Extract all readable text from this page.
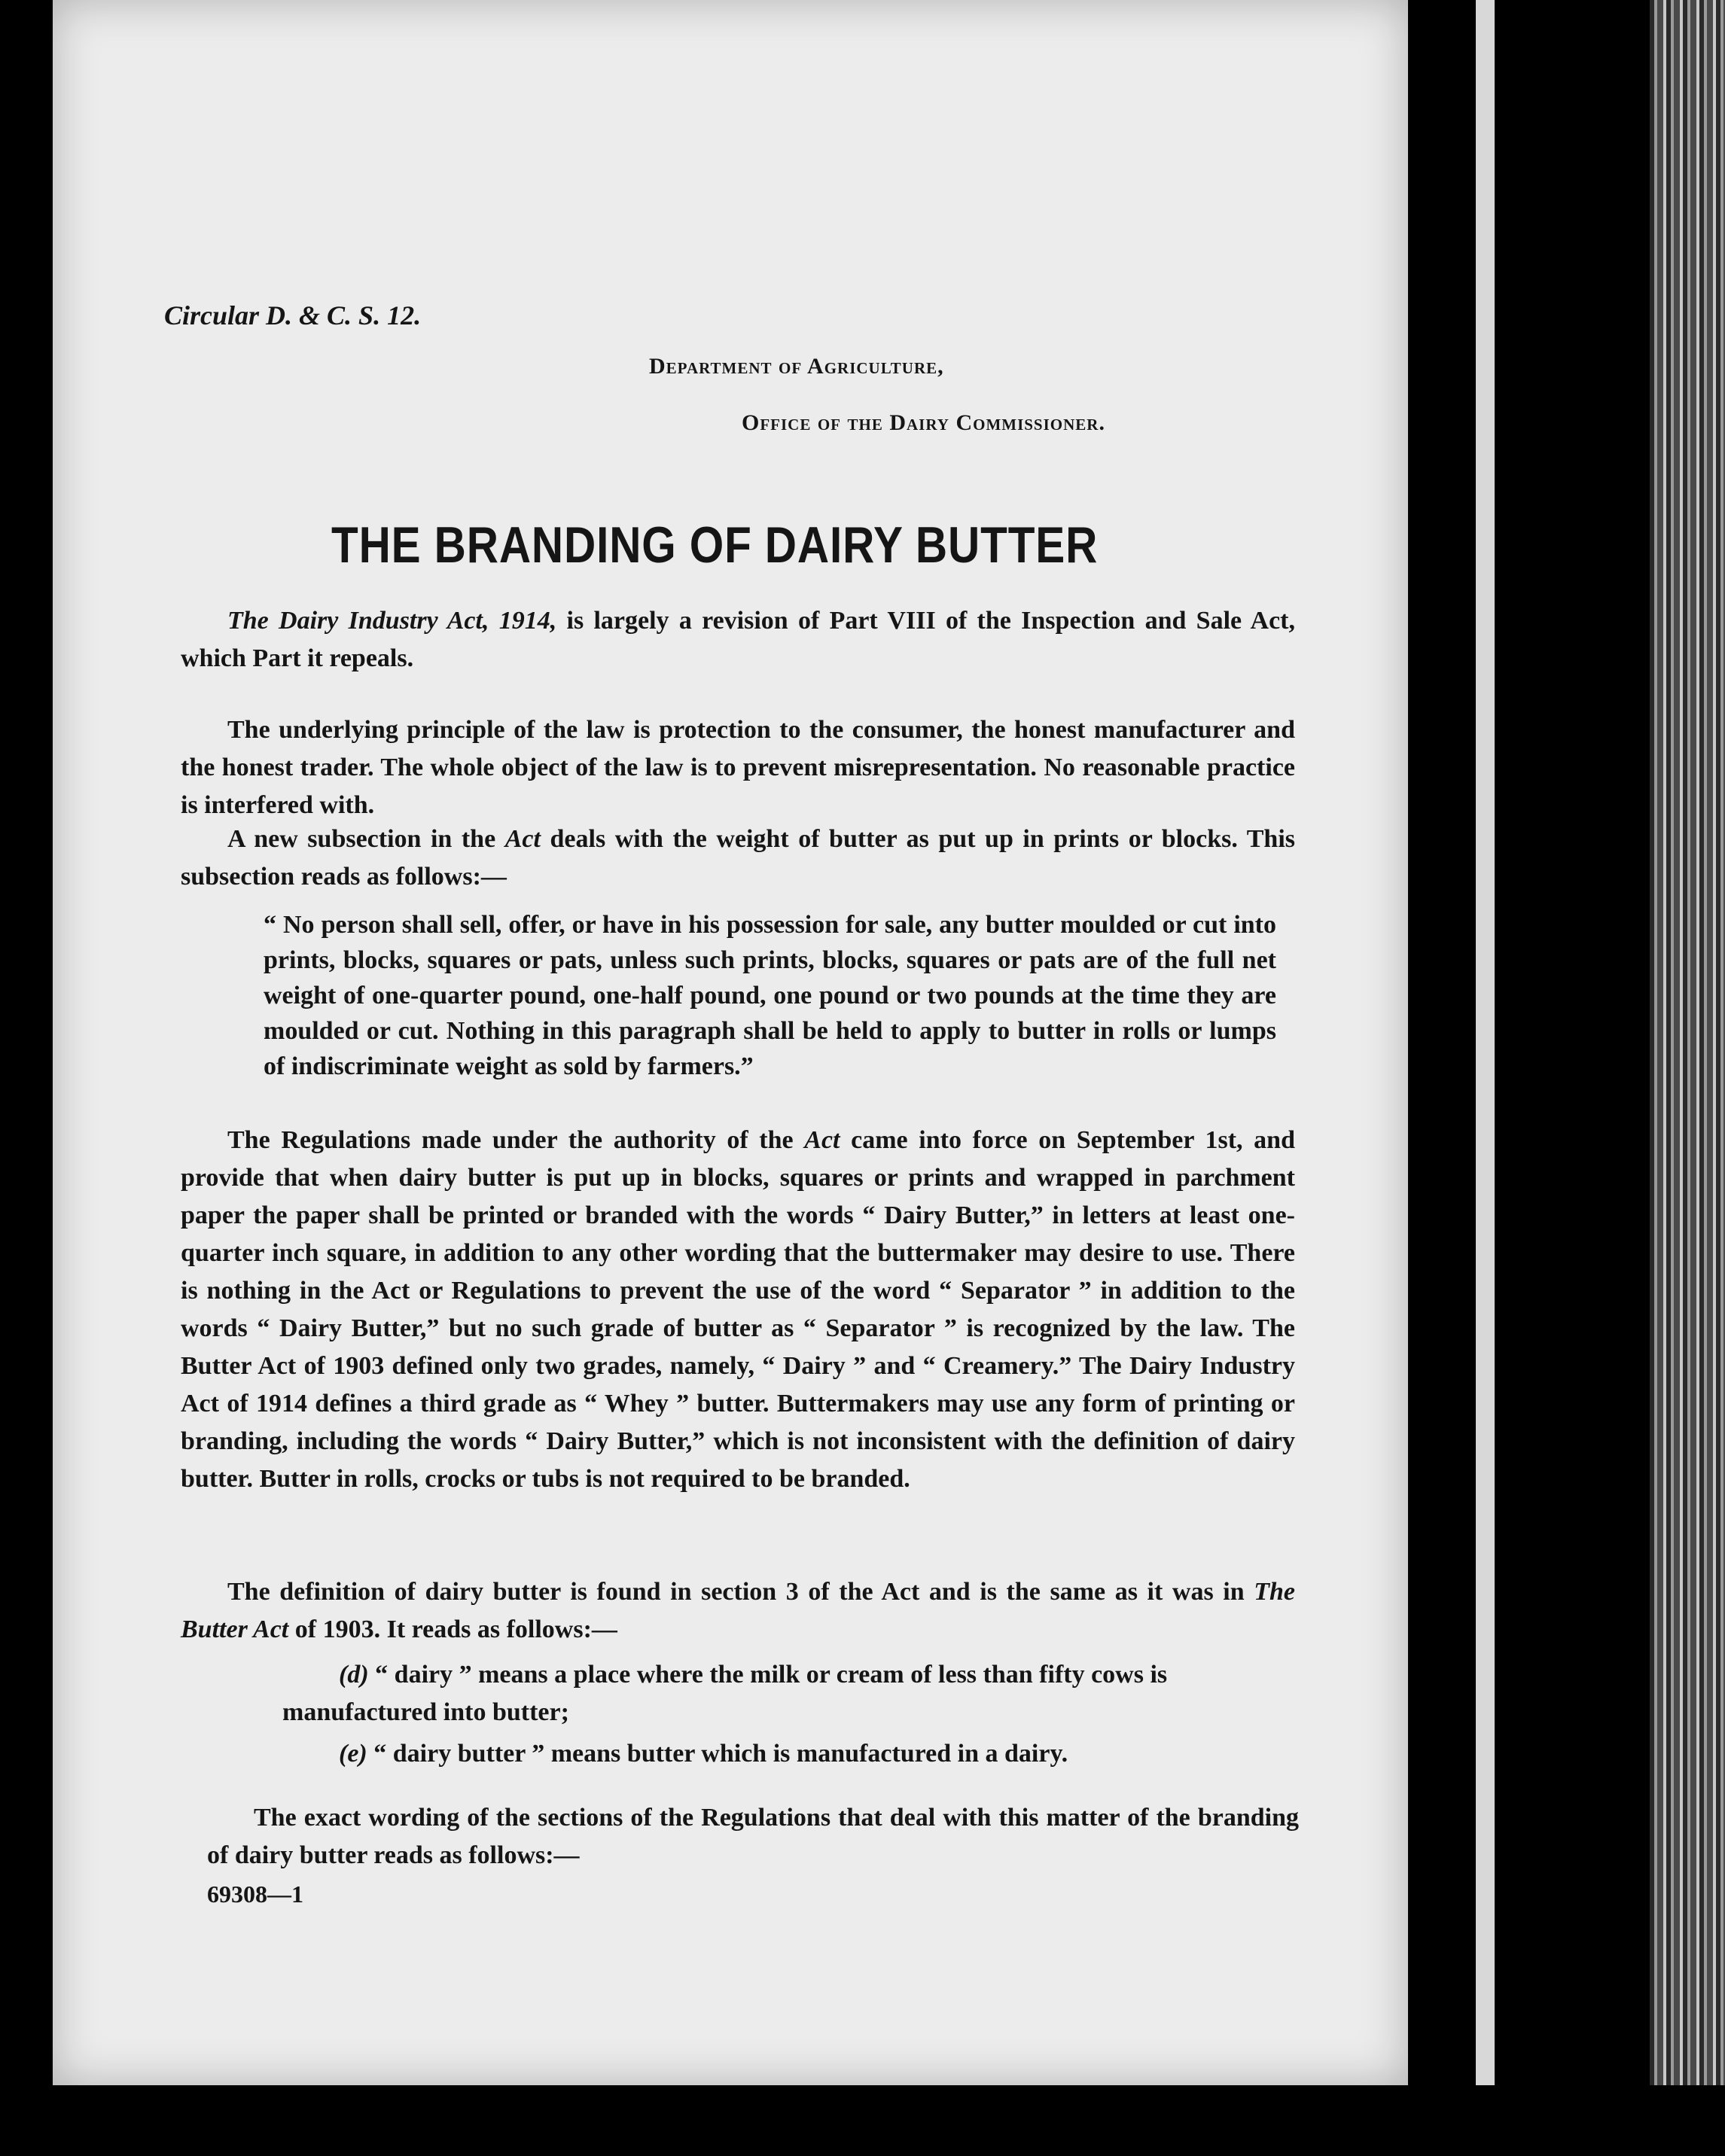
Circular D. & C. S. 12.
Department of Agriculture,
Office of the Dairy Commissioner.
THE BRANDING OF DAIRY BUTTER
The Dairy Industry Act, 1914, is largely a revision of Part VIII of the Inspection and Sale Act, which Part it repeals.
The underlying principle of the law is protection to the consumer, the honest manufacturer and the honest trader. The whole object of the law is to prevent misrepresentation. No reasonable practice is interfered with.
A new subsection in the Act deals with the weight of butter as put up in prints or blocks. This subsection reads as follows:—
“ No person shall sell, offer, or have in his possession for sale, any butter moulded or cut into prints, blocks, squares or pats, unless such prints, blocks, squares or pats are of the full net weight of one-quarter pound, one-half pound, one pound or two pounds at the time they are moulded or cut. Nothing in this paragraph shall be held to apply to butter in rolls or lumps of indiscriminate weight as sold by farmers.”
The Regulations made under the authority of the Act came into force on September 1st, and provide that when dairy butter is put up in blocks, squares or prints and wrapped in parchment paper the paper shall be printed or branded with the words “ Dairy Butter,” in letters at least one-quarter inch square, in addition to any other wording that the buttermaker may desire to use. There is nothing in the Act or Regulations to prevent the use of the word “ Separator ” in addition to the words “ Dairy Butter,” but no such grade of butter as “ Separator ” is recognized by the law. The Butter Act of 1903 defined only two grades, namely, “ Dairy ” and “ Creamery.” The Dairy Industry Act of 1914 defines a third grade as “ Whey ” butter. Buttermakers may use any form of printing or branding, including the words “ Dairy Butter,” which is not inconsistent with the definition of dairy butter. Butter in rolls, crocks or tubs is not required to be branded.
The definition of dairy butter is found in section 3 of the Act and is the same as it was in The Butter Act of 1903. It reads as follows:—
(d) “ dairy ” means a place where the milk or cream of less than fifty cows is manufactured into butter;
(e) “ dairy butter ” means butter which is manufactured in a dairy.
The exact wording of the sections of the Regulations that deal with this matter of the branding of dairy butter reads as follows:—
69308—1
